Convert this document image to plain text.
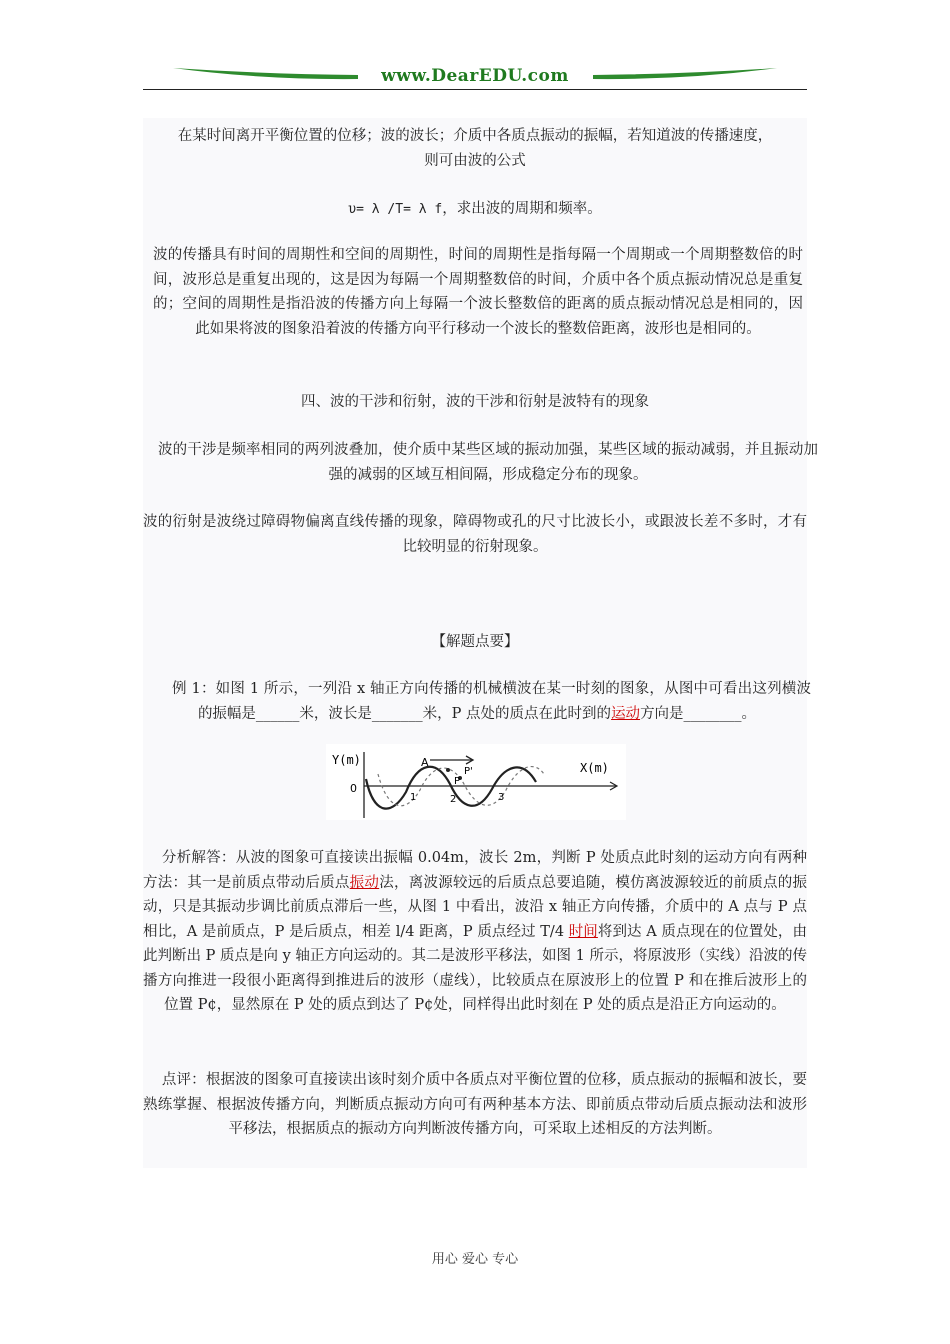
www.DearEDU.com
在某时间离开平衡位置的位移；波的波长；介质中各质点振动的振幅，若知道波的传播速度，
则可由波的公式
υ= λ /T= λ f，求出波的周期和频率。
波的传播具有时间的周期性和空间的周期性，时间的周期性是指每隔一个周期或一个周期整数倍的时间，波形总是重复出现的，这是因为每隔一个周期整数倍的时间，介质中各个质点振动情况总是重复的；空间的周期性是指沿波的传播方向上每隔一个波长整数倍的距离的质点振动情况总是相同的，因此如果将波的图象沿着波的传播方向平行移动一个波长的整数倍距离，波形也是相同的。
四、波的干涉和衍射，波的干涉和衍射是波特有的现象
波的干涉是频率相同的两列波叠加，使介质中某些区域的振动加强，某些区域的振动减弱，并且振动加强的减弱的区域互相间隔，形成稳定分布的现象。
波的衍射是波绕过障碍物偏离直线传播的现象，障碍物或孔的尺寸比波长小，或跟波长差不多时，才有比较明显的衍射现象。
【解题点要】
例 1：如图 1 所示，一列沿 x 轴正方向传播的机械横波在某一时刻的图象，从图中可看出这列横波的振幅是______米，波长是_______米，P 点处的质点在此时到的运动方向是________。
Y(m)
X(m)
0
A
P
P'
1	2	3
分析解答：从波的图象可直接读出振幅 0.04m，波长 2m，判断 P 处质点此时刻的运动方向有两种方法：其一是前质点带动后质点振动法，离波源较远的后质点总要追随，模仿离波源较近的前质点的振动，只是其振动步调比前质点滞后一些，从图 1 中看出，波沿 x 轴正方向传播，介质中的 A 点与 P 点相比，A 是前质点，P 是后质点，相差 l/4 距离，P 质点经过 T/4 时间将到达 A 质点现在的位置处，由此判断出 P 质点是向 y 轴正方向运动的。其二是波形平移法，如图 1 所示，将原波形（实线）沿波的传播方向推进一段很小距离得到推进后的波形（虚线），比较质点在原波形上的位置 P 和在推后波形上的位置 P¢，显然原在 P 处的质点到达了 P¢处，同样得出此时刻在 P 处的质点是沿正方向运动的。
点评：根据波的图象可直接读出该时刻介质中各质点对平衡位置的位移，质点振动的振幅和波长，要熟练掌握、根据波传播方向，判断质点振动方向可有两种基本方法、即前质点带动后质点振动法和波形平移法，根据质点的振动方向判断波传播方向，可采取上述相反的方法判断。
用心 爱心 专心
